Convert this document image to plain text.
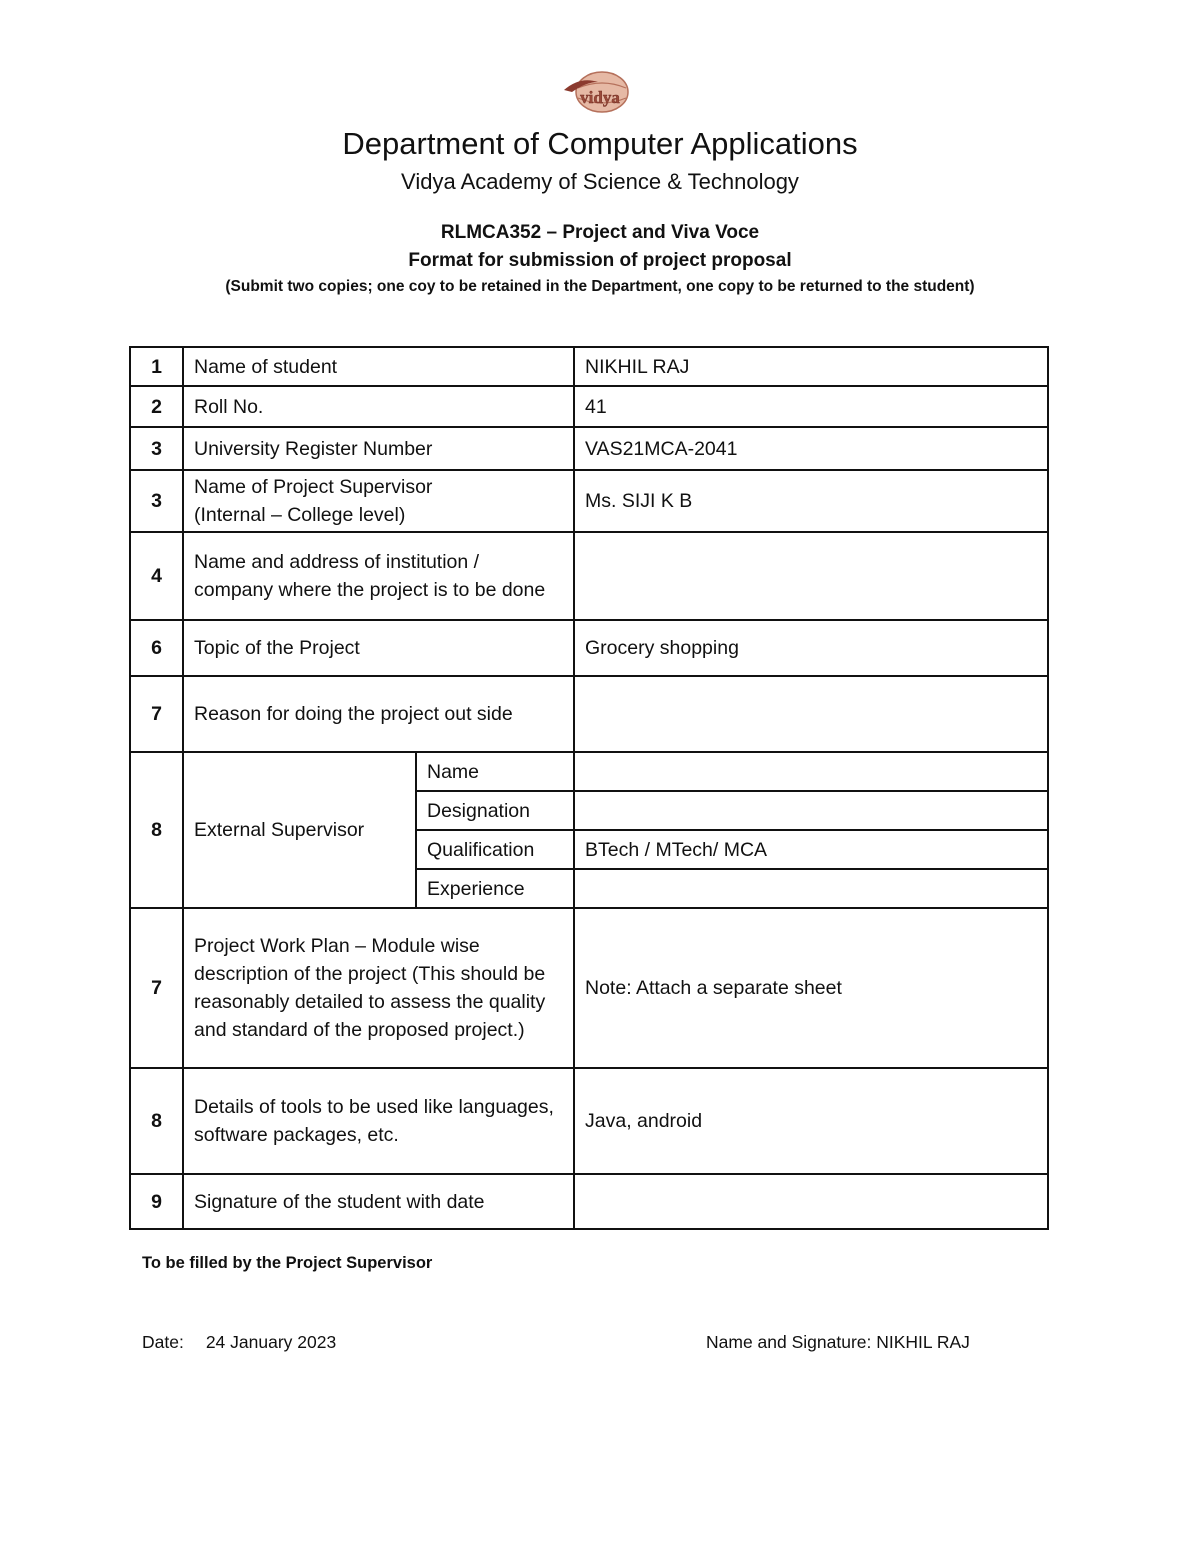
vidya
Department of Computer Applications
Vidya Academy of Science & Technology
RLMCA352 – Project and Viva Voce
Format for submission of project proposal
(Submit two copies; one coy to be retained in the Department, one copy to be returned to the student)
1	Name of student		NIKHIL RAJ
2	Roll No.		41
3	University Register Number		VAS21MCA-2041
3	Name of Project Supervisor
(Internal – College level)		Ms. SIJI K B
4	Name and address of institution / company where the project is to be done		
6	Topic of the Project		Grocery shopping
7	Reason for doing the project out side		
8	External Supervisor	Name	
		Designation	
		Qualification	BTech / MTech/ MCA
		Experience	
7	Project Work Plan – Module wise description of the project (This should be reasonably detailed to assess the quality and standard of the proposed project.)		Note: Attach a separate sheet
8	Details of tools to be used like languages, software packages, etc.		Java, android
9	Signature of the student with date		
To be filled by the Project Supervisor
Date: 24 January 2023	Name and Signature: NIKHIL RAJ
